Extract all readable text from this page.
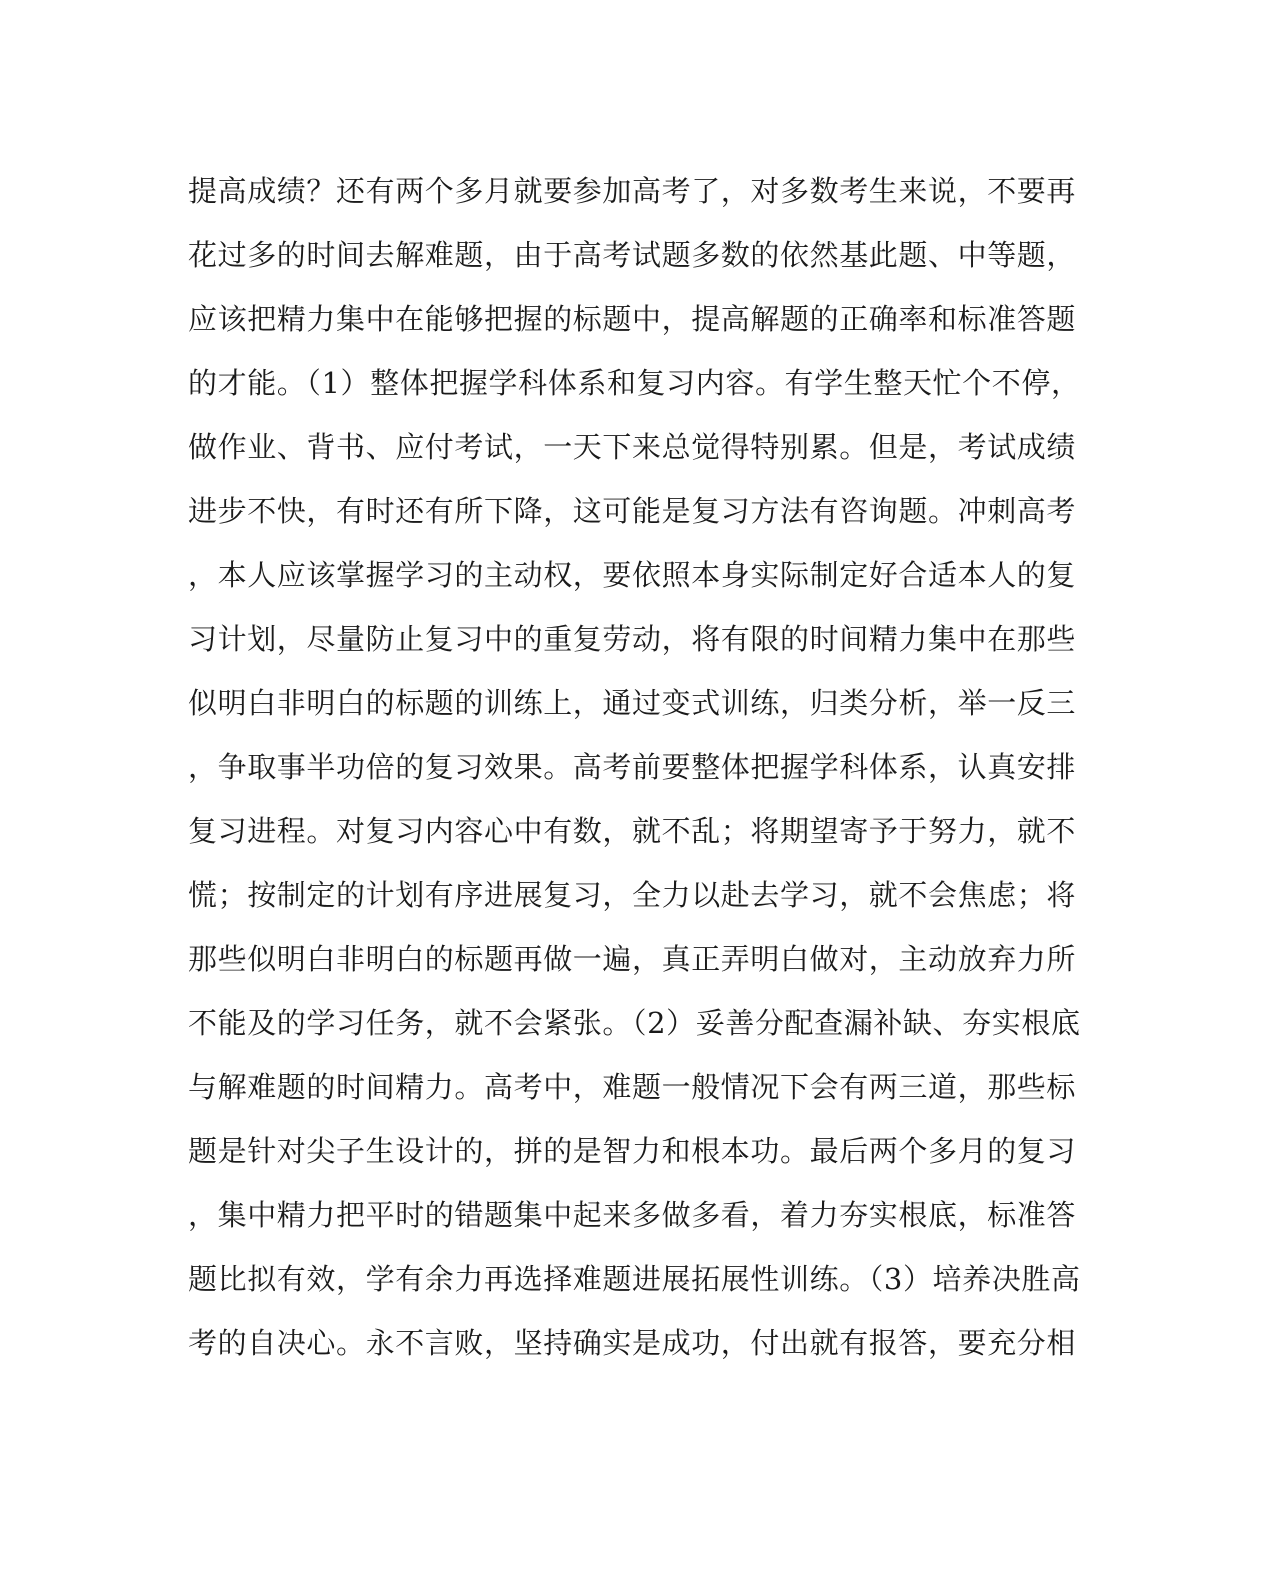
提高成绩？还有两个多月就要参加高考了，对多数考生来说，不要再
花过多的时间去解难题，由于高考试题多数的依然基此题、中等题，
应该把精力集中在能够把握的标题中，提高解题的正确率和标准答题
的才能。（1）整体把握学科体系和复习内容。有学生整天忙个不停，
做作业、背书、应付考试，一天下来总觉得特别累。但是，考试成绩
进步不快，有时还有所下降，这可能是复习方法有咨询题。冲刺高考
，本人应该掌握学习的主动权，要依照本身实际制定好合适本人的复
习计划，尽量防止复习中的重复劳动，将有限的时间精力集中在那些
似明白非明白的标题的训练上，通过变式训练，归类分析，举一反三
，争取事半功倍的复习效果。高考前要整体把握学科体系，认真安排
复习进程。对复习内容心中有数，就不乱；将期望寄予于努力，就不
慌；按制定的计划有序进展复习，全力以赴去学习，就不会焦虑；将
那些似明白非明白的标题再做一遍，真正弄明白做对，主动放弃力所
不能及的学习任务，就不会紧张。（2）妥善分配查漏补缺、夯实根底
与解难题的时间精力。高考中，难题一般情况下会有两三道，那些标
题是针对尖子生设计的，拼的是智力和根本功。最后两个多月的复习
，集中精力把平时的错题集中起来多做多看，着力夯实根底，标准答
题比拟有效，学有余力再选择难题进展拓展性训练。（3）培养决胜高
考的自决心。永不言败，坚持确实是成功，付出就有报答，要充分相
